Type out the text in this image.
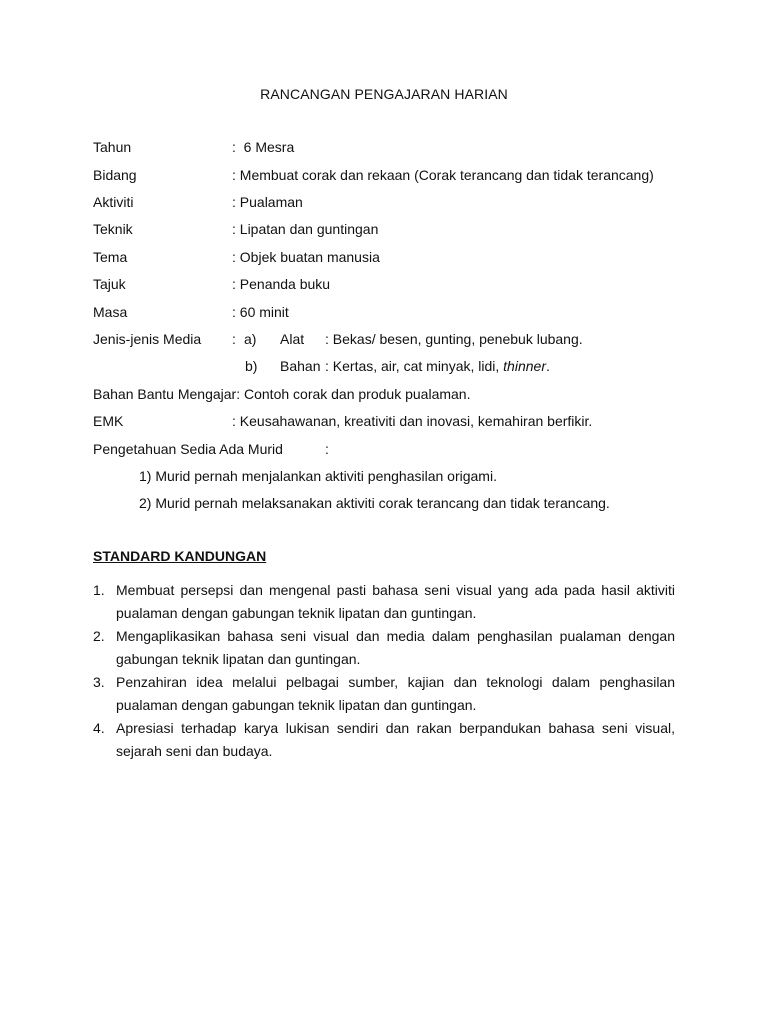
RANCANGAN PENGAJARAN HARIAN
Tahun	:  6 Mesra
Bidang	: Membuat corak dan rekaan (Corak terancang dan tidak terancang)
Aktiviti	: Pualaman
Teknik	: Lipatan dan guntingan
Tema	: Objek buatan manusia
Tajuk	: Penanda buku
Masa	: 60 minit
Jenis-jenis Media : a) Alat : Bekas/ besen, gunting, penebuk lubang.
b) Bahan : Kertas, air, cat minyak, lidi, thinner.
Bahan Bantu Mengajar: Contoh corak dan produk pualaman.
EMK	: Keusahawanan, kreativiti dan inovasi, kemahiran berfikir.
Pengetahuan Sedia Ada Murid	:
1) Murid pernah menjalankan aktiviti penghasilan origami.
2) Murid pernah melaksanakan aktiviti corak terancang dan tidak terancang.
STANDARD KANDUNGAN
1. Membuat persepsi dan mengenal pasti bahasa seni visual yang ada pada hasil aktiviti
pualaman dengan gabungan teknik lipatan dan guntingan.
2. Mengaplikasikan bahasa seni visual dan media dalam penghasilan pualaman dengan
gabungan teknik lipatan dan guntingan.
3. Penzahiran idea melalui pelbagai sumber, kajian dan teknologi dalam penghasilan
pualaman dengan gabungan teknik lipatan dan guntingan.
4. Apresiasi terhadap karya lukisan sendiri dan rakan berpandukan bahasa seni visual,
sejarah seni dan budaya.
